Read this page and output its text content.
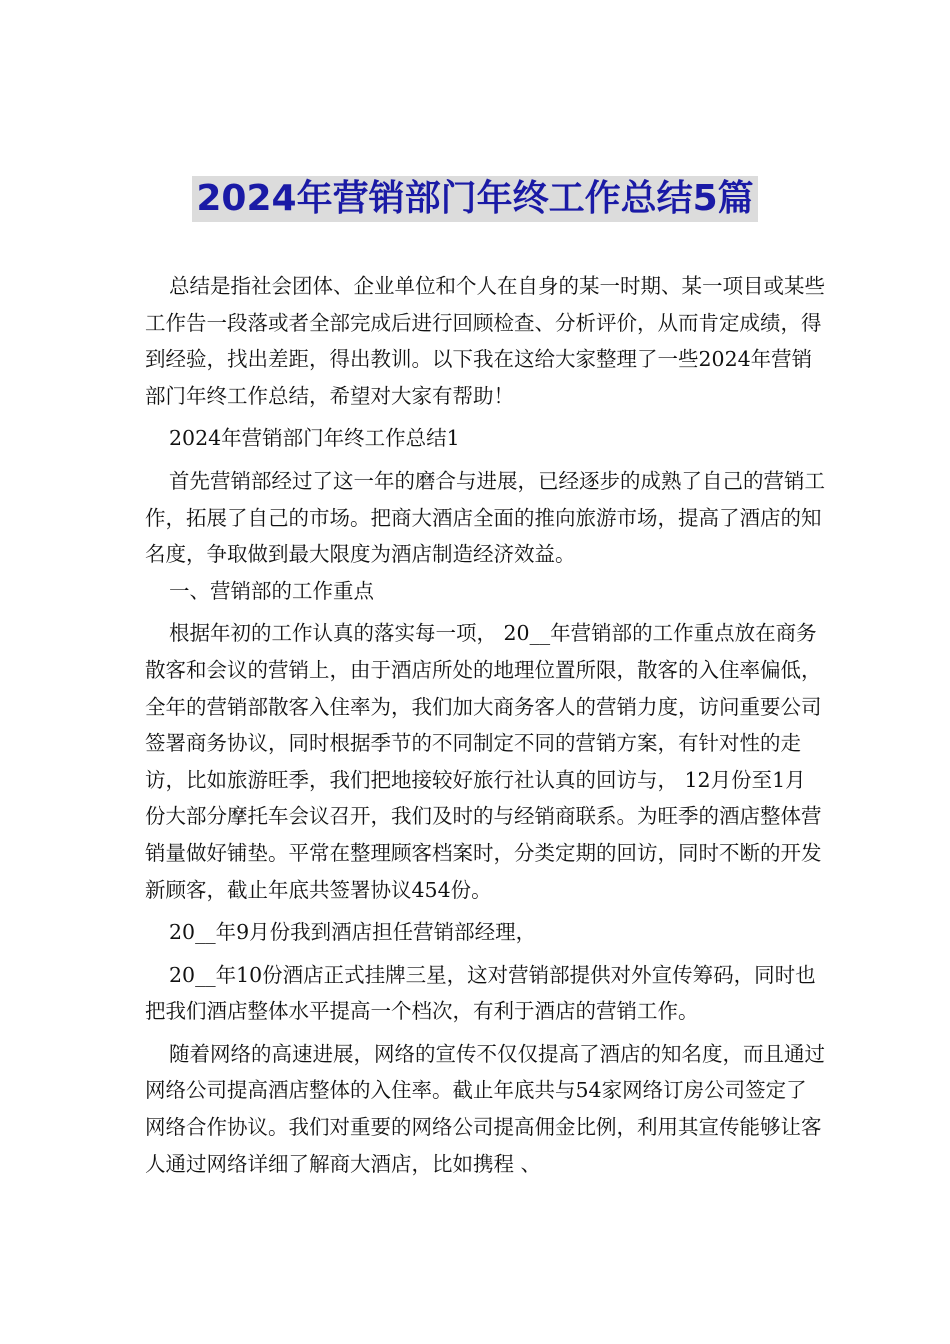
2024年营销部门年终工作总结5篇

总结是指社会团体、企业单位和个人在自身的某一时期、某一项目或某些工作告一段落或者全部完成后进行回顾检查、分析评价，从而肯定成绩，得到经验，找出差距，得出教训。以下我在这给大家整理了一些2024年营销部门年终工作总结，希望对大家有帮助！

2024年营销部门年终工作总结1

首先营销部经过了这一年的磨合与进展，已经逐步的成熟了自己的营销工作，拓展了自己的市场。把商大酒店全面的推向旅游市场，提高了酒店的知名度，争取做到最大限度为酒店制造经济效益。

一、营销部的工作重点

根据年初的工作认真的落实每一项， 20__年营销部的工作重点放在商务散客和会议的营销上，由于酒店所处的地理位置所限，散客的入住率偏低，全年的营销部散客入住率为，我们加大商务客人的营销力度，访问重要公司签署商务协议，同时根据季节的不同制定不同的营销方案，有针对性的走访，比如旅游旺季，我们把地接较好旅行社认真的回访与， 12月份至1月份大部分摩托车会议召开，我们及时的与经销商联系。为旺季的酒店整体营销量做好铺垫。平常在整理顾客档案时，分类定期的回访，同时不断的开发新顾客，截止年底共签署协议454份。

20__年9月份我到酒店担任营销部经理，

20__年10份酒店正式挂牌三星，这对营销部提供对外宣传筹码，同时也把我们酒店整体水平提高一个档次，有利于酒店的营销工作。

随着网络的高速进展，网络的宣传不仅仅提高了酒店的知名度，而且通过网络公司提高酒店整体的入住率。截止年底共与54家网络订房公司签定了网络合作协议。我们对重要的网络公司提高佣金比例，利用其宣传能够让客人通过网络详细了解商大酒店，比如携程 、
